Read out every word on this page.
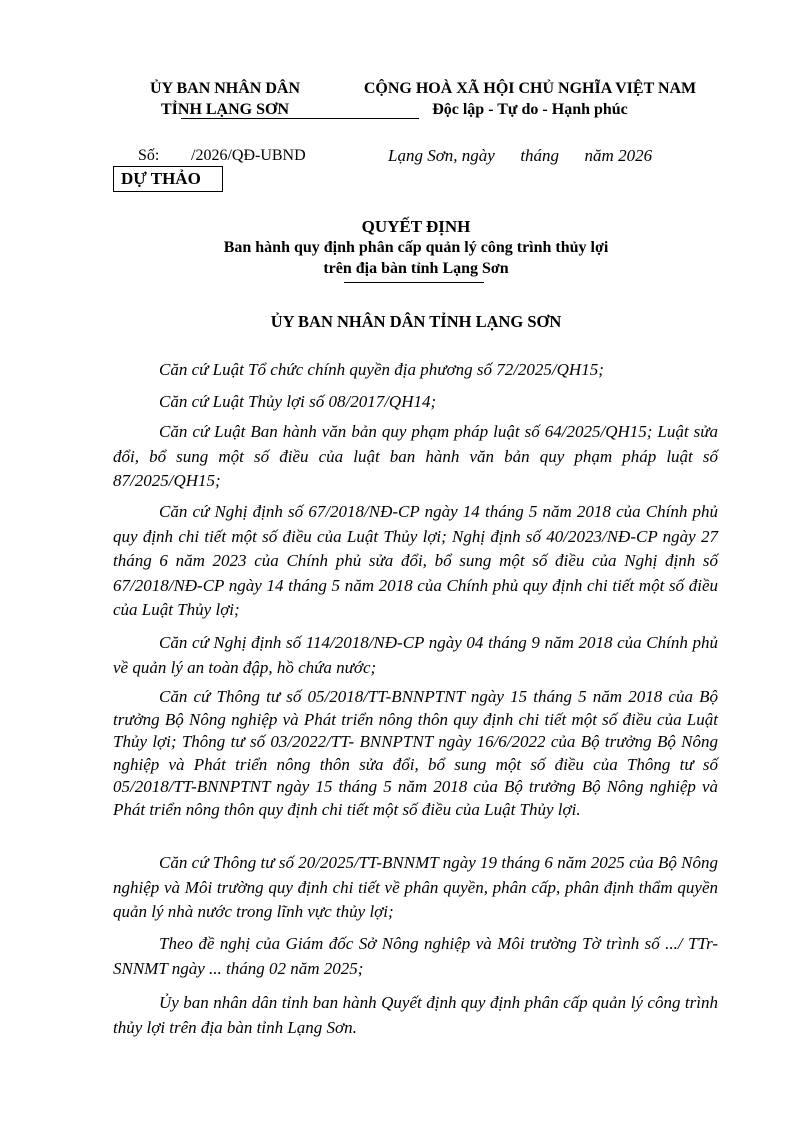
ỦY BAN NHÂN DÂN
TỈNH LẠNG SƠN
CỘNG HOÀ XÃ HỘI CHỦ NGHĨA VIỆT NAM
Độc lập - Tự do - Hạnh phúc
Số: /2026/QĐ-UBND	Lạng Sơn, ngày      tháng      năm 2026
DỰ THẢO
QUYẾT ĐỊNH
Ban hành quy định phân cấp quản lý công trình thủy lợi
trên địa bàn tỉnh Lạng Sơn
ỦY BAN NHÂN DÂN TỈNH LẠNG SƠN
Căn cứ Luật Tổ chức chính quyền địa phương số 72/2025/QH15;
Căn cứ Luật Thủy lợi số 08/2017/QH14;
Căn cứ Luật Ban hành văn bản quy phạm pháp luật số 64/2025/QH15; Luật sửa đổi, bổ sung một số điều của luật ban hành văn bản quy phạm pháp luật số 87/2025/QH15;
Căn cứ Nghị định số 67/2018/NĐ-CP ngày 14 tháng 5 năm 2018 của Chính phủ quy định chi tiết một số điều của Luật Thủy lợi; Nghị định số 40/2023/NĐ-CP ngày 27 tháng 6 năm 2023 của Chính phủ sửa đổi, bổ sung một số điều của Nghị định số 67/2018/NĐ-CP ngày 14 tháng 5 năm 2018 của Chính phủ quy định chi tiết một số điều của Luật Thủy lợi;
Căn cứ Nghị định số 114/2018/NĐ-CP ngày 04 tháng 9 năm 2018 của Chính phủ về quản lý an toàn đập, hồ chứa nước;
Căn cứ Thông tư số 05/2018/TT-BNNPTNT ngày 15 tháng 5 năm 2018 của Bộ trưởng Bộ Nông nghiệp và Phát triển nông thôn quy định chi tiết một số điều của Luật Thủy lợi; Thông tư số 03/2022/TT- BNNPTNT ngày 16/6/2022 của Bộ trưởng Bộ Nông nghiệp và Phát triển nông thôn sửa đổi, bổ sung một số điều của Thông tư số 05/2018/TT-BNNPTNT ngày 15 tháng 5 năm 2018 của Bộ trưởng Bộ Nông nghiệp và Phát triển nông thôn quy định chi tiết một số điều của Luật Thủy lợi.
Căn cứ Thông tư số 20/2025/TT-BNNMT ngày 19 tháng 6 năm 2025 của Bộ Nông nghiệp và Môi trường quy định chi tiết về phân quyền, phân cấp, phân định thẩm quyền quản lý nhà nước trong lĩnh vực thủy lợi;
Theo đề nghị của Giám đốc Sở Nông nghiệp và Môi trường Tờ trình số .../ TTr-SNNMT ngày ... tháng 02 năm 2025;
Ủy ban nhân dân tỉnh ban hành Quyết định quy định phân cấp quản lý công trình thủy lợi trên địa bàn tỉnh Lạng Sơn.
